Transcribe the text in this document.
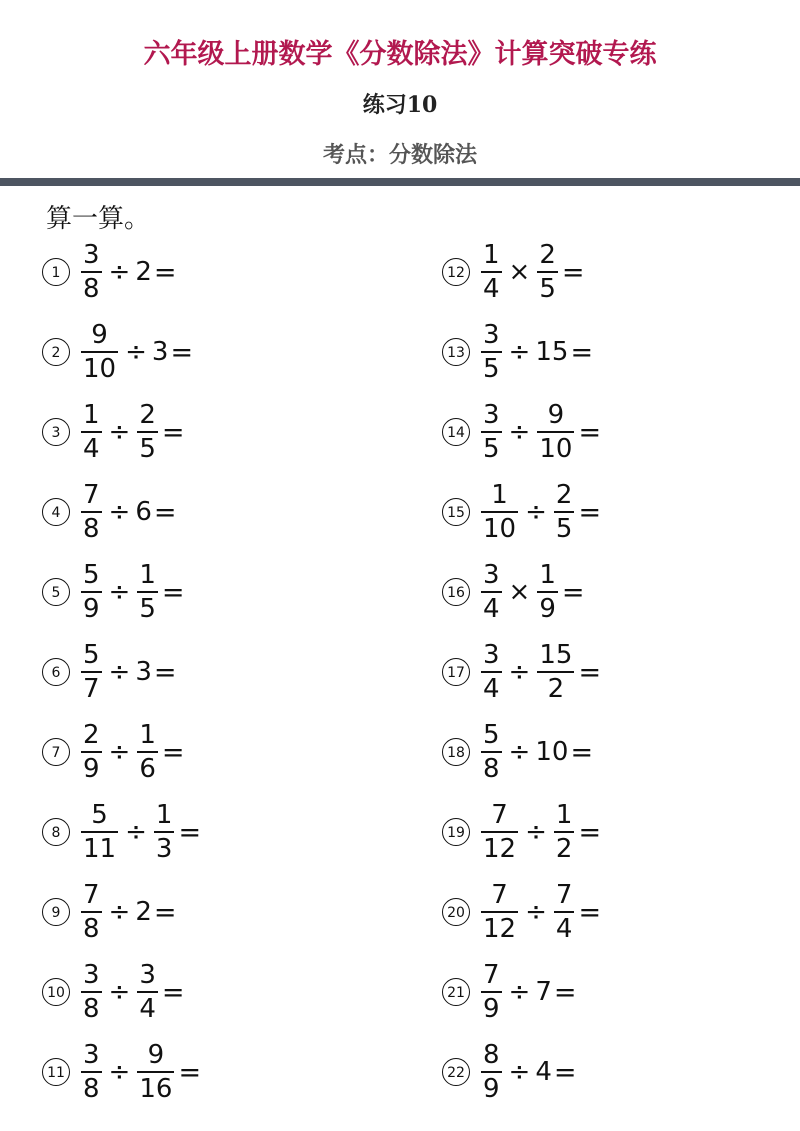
六年级上册数学《分数除法》计算突破专练
练习10
考点：分数除法
算一算。
$1 \frac{3}{8} \div 2$ =
$2 \frac{9}{10} \div 3$ =
$3 \frac{1}{4} \div \frac{2}{5}$ =
$4 \frac{7}{8} \div 6$ =
$5 \frac{5}{9} \div \frac{1}{5}$ =
$6 \frac{5}{7} \div 3$ =
$7 \frac{2}{9} \div \frac{1}{6}$ =
$8 \frac{5}{11} \div \frac{1}{3}$ =
$9 \frac{7}{8} \div 2$ =
$10 \frac{3}{8} \div \frac{3}{4}$ =
$11 \frac{3}{8} \div \frac{9}{16}$ =
$12 \frac{1}{4} \times \frac{2}{5}$ =
$13 \frac{3}{5} \div 15$ =
$14 \frac{3}{5} \div \frac{9}{10}$ =
$15 \frac{1}{10} \div \frac{2}{5}$ =
$16 \frac{3}{4} \times \frac{1}{9}$ =
$17 \frac{3}{4} \div \frac{15}{2}$ =
$18 \frac{5}{8} \div 10$ =
$19 \frac{7}{12} \div \frac{1}{2}$ =
$20 \frac{7}{12} \div \frac{7}{4}$ =
$21 \frac{7}{9} \div 7$ =
$22 \frac{8}{9} \div 4$ =
